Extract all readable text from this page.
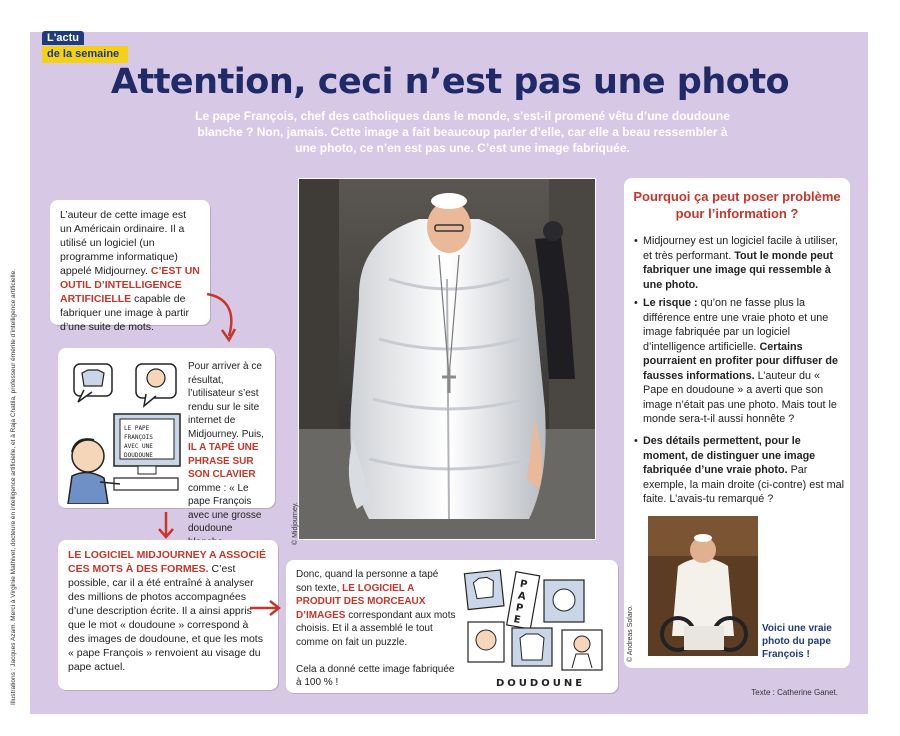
L'actu
de la semaine
Attention, ceci n’est pas une photo

Le pape François, chef des catholiques dans le monde, s’est-il promené vêtu d’une doudoune blanche ? Non, jamais. Cette image a fait beaucoup parler d’elle, car elle a beau ressembler à une photo, ce n’en est pas une. C’est une image fabriquée.

Illustrations : Jacques Azam. Merci à Virginie Mathivet, docteure en intelligence artificielle, et à Raja Chatila, professeur émérite d’intelligence artificielle.

L’auteur de cette image est un Américain ordinaire. Il a utilisé un logiciel (un programme informatique) appelé Midjourney. C’EST UN OUTIL D’INTELLIGENCE ARTIFICIELLE capable de fabriquer une image à partir d’une suite de mots.

LE PAPE
FRANÇOIS
AVEC UNE
DOUDOUNE

Pour arriver à ce résultat, l’utilisateur s’est rendu sur le site internet de Midjourney. Puis, IL A TAPÉ UNE PHRASE SUR SON CLAVIER comme : « Le pape François avec une grosse doudoune

LE LOGICIEL MIDJOURNEY A ASSOCIÉ CES MOTS À DES FORMES. C’est possible, car il a été entraîné à analyser des millions de photos accompagnées d’une description écrite. Il a ainsi appris que le mot « doudoune » correspond à des images de doudoune, et que les mots « pape François » renvoient au visage du pape actuel.

Donc, quand la personne a tapé son texte, LE LOGICIEL A PRODUIT DES MORCEAUX D’IMAGES correspondant aux mots choisis. Et il a assemblé le tout comme on fait un puzzle.

Cela a donné cette image fabriquée à 100 % !

P
A
P
E
DOUDOUNE
© Midjourney.
Pourquoi ça peut poser problème pour l’information ?
• Midjourney est un logiciel facile à utiliser, et très performant. Tout le monde peut fabriquer une image qui ressemble à une photo.
• Le risque : qu’on ne fasse plus la différence entre une vraie photo et une image fabriquée par un logiciel d’intelligence artificielle. Certains pourraient en profiter pour diffuser de fausses informations. L’auteur du « Pape en doudoune » a averti que son image n’était pas une photo. Mais tout le monde sera-t-il aussi honnête ?
• Des détails permettent, pour le moment, de distinguer une image fabriquée d’une vraie photo. Par exemple, la main droite (ci-contre) est mal faite. L’avais-tu remarqué ?
© Andreas Solaro.	Voici une vraie photo du pape François !
Texte : Catherine Ganet.
